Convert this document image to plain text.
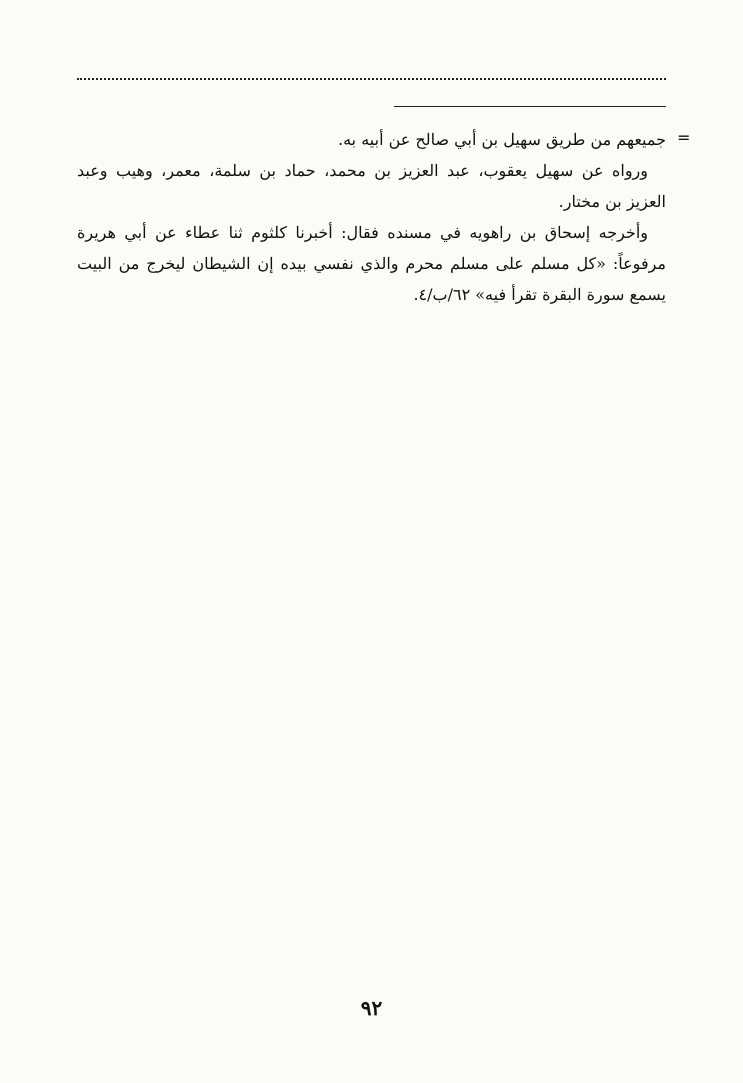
=

جميعهم من طريق سهيل بن أبي صالح عن أبيه به.

ورواه عن سهيل يعقوب، عبد العزيز بن محمد، حماد بن سلمة، معمر، وهيب وعبد العزيز بن مختار.

وأخرجه إسحاق بن راهويه في مسنده فقال: أخبرنا كلثوم ثنا عطاء عن أبي هريرة مرفوعاً: «كل مسلم على مسلم محرم والذي نفسي بيده إن الشيطان ليخرج من البيت يسمع سورة البقرة تقرأ فيه» ٦٢/ب/٤.

٩٢
